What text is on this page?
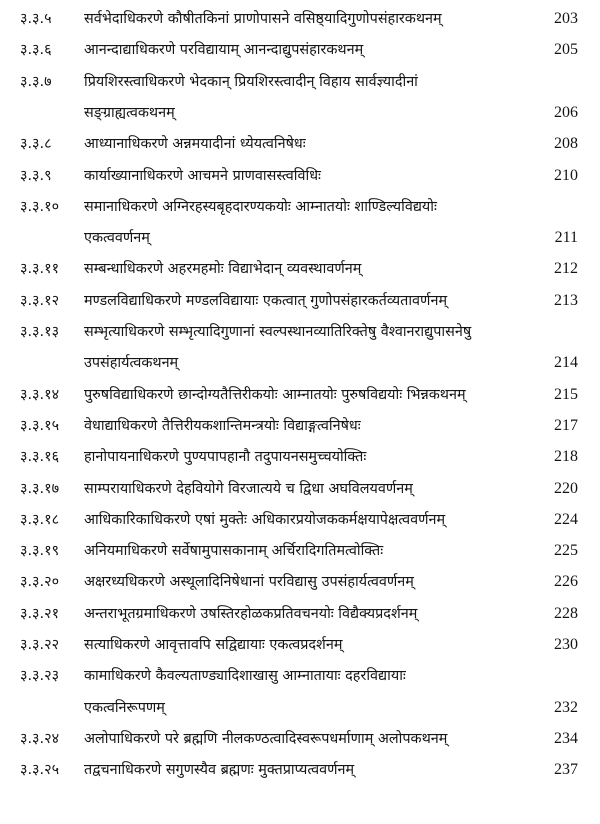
३.३.५ सर्वभेदाधिकरणे कौषीतकिनां प्राणोपासने वसिष्ठ्यादिगुणोपसंहारकथनम्	203
३.३.६ आनन्दाद्याधिकरणे परविद्यायाम् आनन्दाद्युपसंहारकथनम्	205
३.३.७ प्रियशिरस्त्वाधिकरणे भेदकान् प्रियशिरस्त्वादीन् विहाय सार्वज्ञ्यादीनां
सङ्ग्राह्यत्वकथनम्	206
३.३.८ आध्यानाधिकरणे अन्नमयादीनां ध्येयत्वनिषेधः	208
३.३.९ कार्याख्यानाधिकरणे आचमने प्राणवासस्त्वविधिः	210
३.३.१० समानाधिकरणे अग्निरहस्यबृहदारण्यकयोः आम्नातयोः शाण्डिल्यविद्ययोः
एकत्ववर्णनम्	211
३.३.११ सम्बन्धाधिकरणे अहरमहमोः विद्याभेदान् व्यवस्थावर्णनम्	212
३.३.१२ मण्डलविद्याधिकरणे मण्डलविद्यायाः एकत्वात् गुणोपसंहारकर्तव्यतावर्णनम्	213
३.३.१३ सम्भृत्याधिकरणे सम्भृत्यादिगुणानां स्वल्पस्थानव्यातिरिक्तेषु वैश्वानराद्युपासनेषु
उपसंहार्यत्वकथनम्	214
३.३.१४ पुरुषविद्याधिकरणे छान्दोग्यतैत्तिरीकयोः आम्नातयोः पुरुषविद्ययोः भिन्नकथनम्	215
३.३.१५ वेधाद्याधिकरणे तैत्तिरीयकशान्तिमन्त्रयोः विद्याङ्गत्वनिषेधः	217
३.३.१६ हानोपायनाधिकरणे पुण्यपापहानौ तदुपायनसमुच्चयोक्तिः	218
३.३.१७ साम्परायाधिकरणे देहवियोगे विरजात्यये च द्विधा अघविलयवर्णनम्	220
३.३.१८ आधिकारिकाधिकरणे एषां मुक्तेः अधिकारप्रयोजककर्मक्षयापेक्षत्ववर्णनम्	224
३.३.१९ अनियमाधिकरणे सर्वेषामुपासकानाम् अर्चिरादिगतिमत्वोक्तिः	225
३.३.२० अक्षरध्यधिकरणे अस्थूलादिनिषेधानां परविद्यासु उपसंहार्यत्ववर्णनम्	226
३.३.२१ अन्तराभूतग्रमाधिकरणे उषस्तिरहोळकप्रतिवचनयोः विद्यैक्यप्रदर्शनम्	228
३.३.२२ सत्याधिकरणे आवृत्तावपि सद्विद्यायाः एकत्वप्रदर्शनम्	230
३.३.२३ कामाधिकरणे कैवल्यताण्ड्यादिशाखासु आम्नातायाः दहरविद्यायाः
एकत्वनिरूपणम्	232
३.३.२४ अलोपाधिकरणे परे ब्रह्मणि नीलकण्ठत्वादिस्वरूपधर्माणाम् अलोपकथनम्	234
३.३.२५ तद्वचनाधिकरणे सगुणस्यैव ब्रह्मणः मुक्तप्राप्यत्ववर्णनम्	237
